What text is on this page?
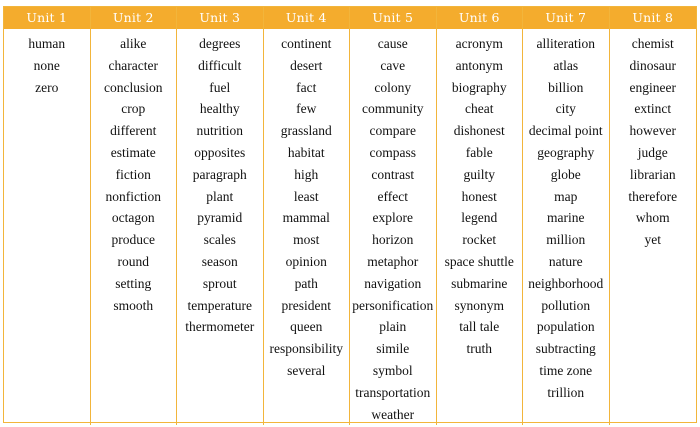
Unit 1
human
none
zero
Unit 2
alike
character
conclusion
crop
different
estimate
fiction
nonfiction
octagon
produce
round
setting
smooth
Unit 3
degrees
difficult
fuel
healthy
nutrition
opposites
paragraph
plant
pyramid
scales
season
sprout
temperature
thermometer
Unit 4
continent
desert
fact
few
grassland
habitat
high
least
mammal
most
opinion
path
president
queen
responsibility
several
Unit 5
cause
cave
colony
community
compare
compass
contrast
effect
explore
horizon
metaphor
navigation
personification
plain
simile
symbol
transportation
weather
Unit 6
acronym
antonym
biography
cheat
dishonest
fable
guilty
honest
legend
rocket
space shuttle
submarine
synonym
tall tale
truth
Unit 7
alliteration
atlas
billion
city
decimal point
geography
globe
map
marine
million
nature
neighborhood
pollution
population
subtracting
time zone
trillion
Unit 8
chemist
dinosaur
engineer
extinct
however
judge
librarian
therefore
whom
yet
